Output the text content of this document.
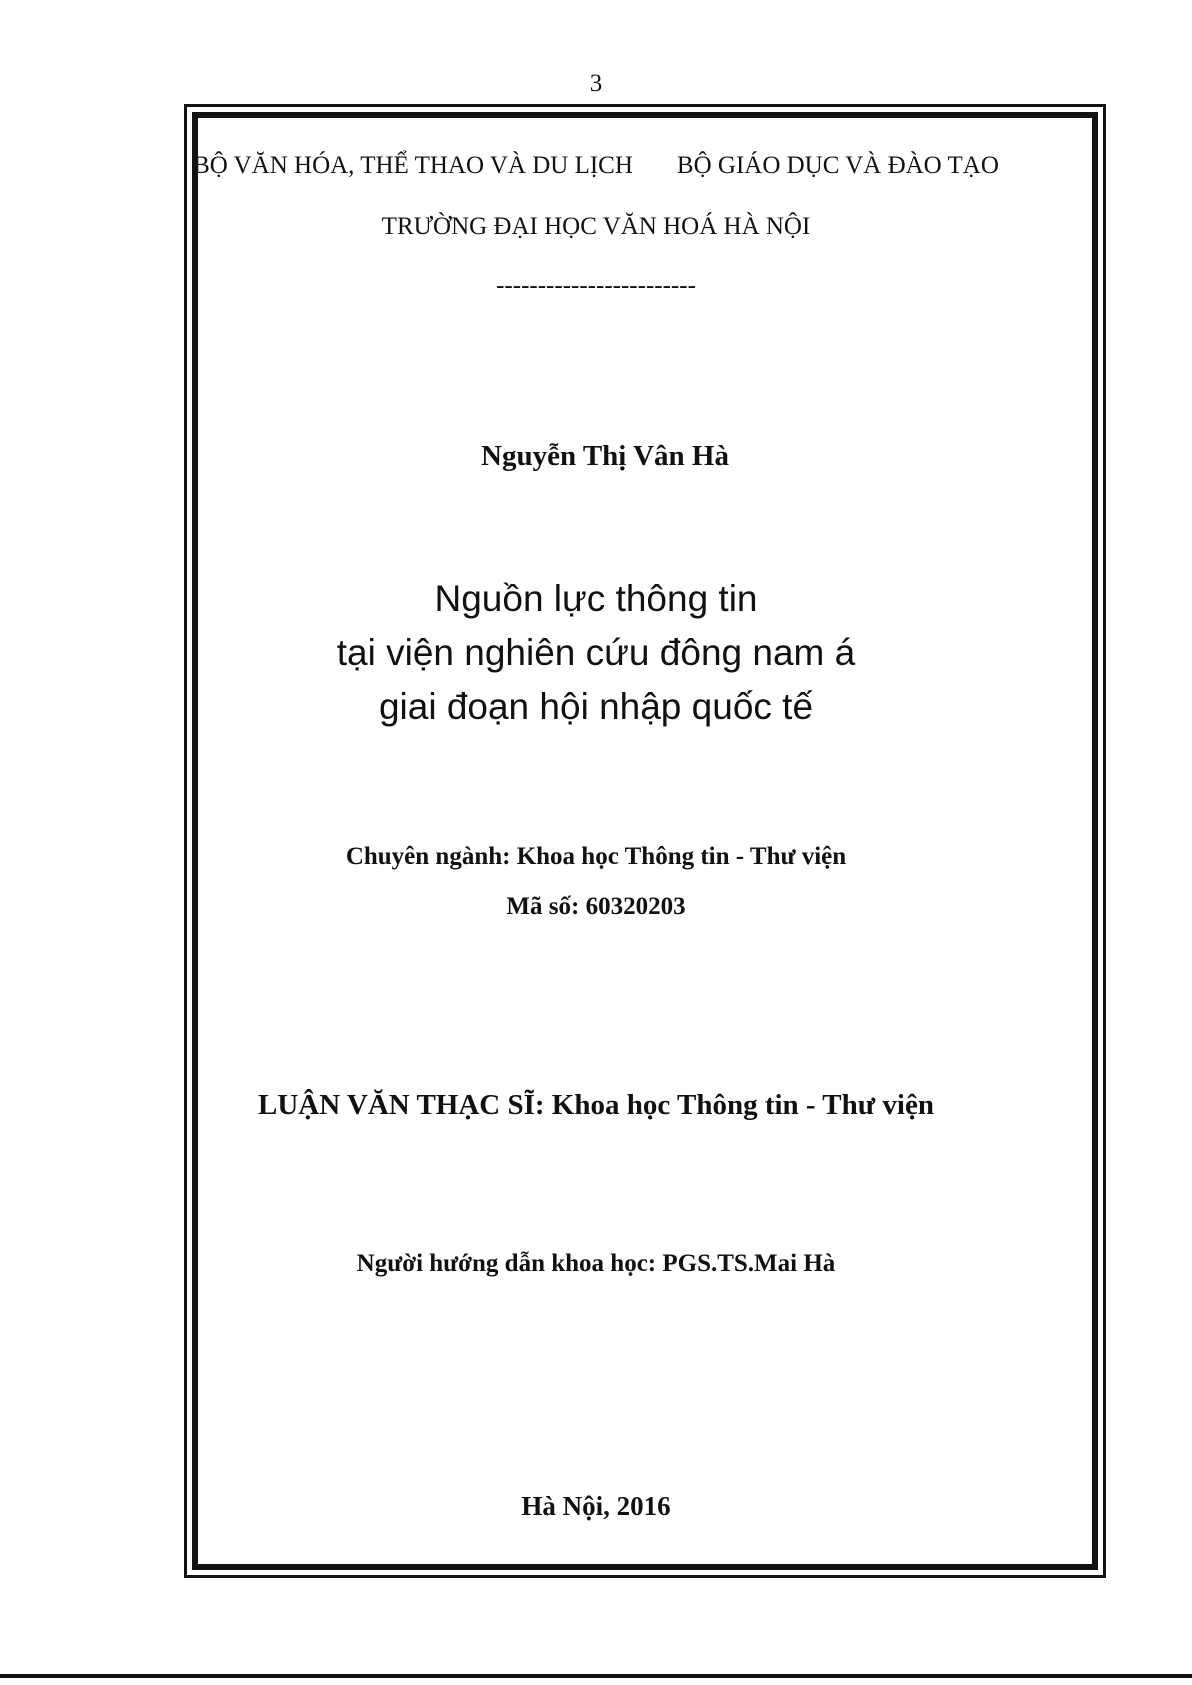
3
BỘ VĂN HÓA, THỂ THAO VÀ DU LỊCH BỘ GIÁO DỤC VÀ ĐÀO TẠO
TRƯỜNG ĐẠI HỌC VĂN HOÁ HÀ NỘI
------------------------
Nguyễn Thị Vân Hà
Nguồn lực thông tin
tại viện nghiên cứu đông nam á
giai đoạn hội nhập quốc tế
Chuyên ngành: Khoa học Thông tin - Thư viện
Mã số: 60320203
LUẬN VĂN THẠC SĨ: Khoa học Thông tin - Thư viện
Người hướng dẫn khoa học: PGS.TS.Mai Hà
Hà Nội, 2016
